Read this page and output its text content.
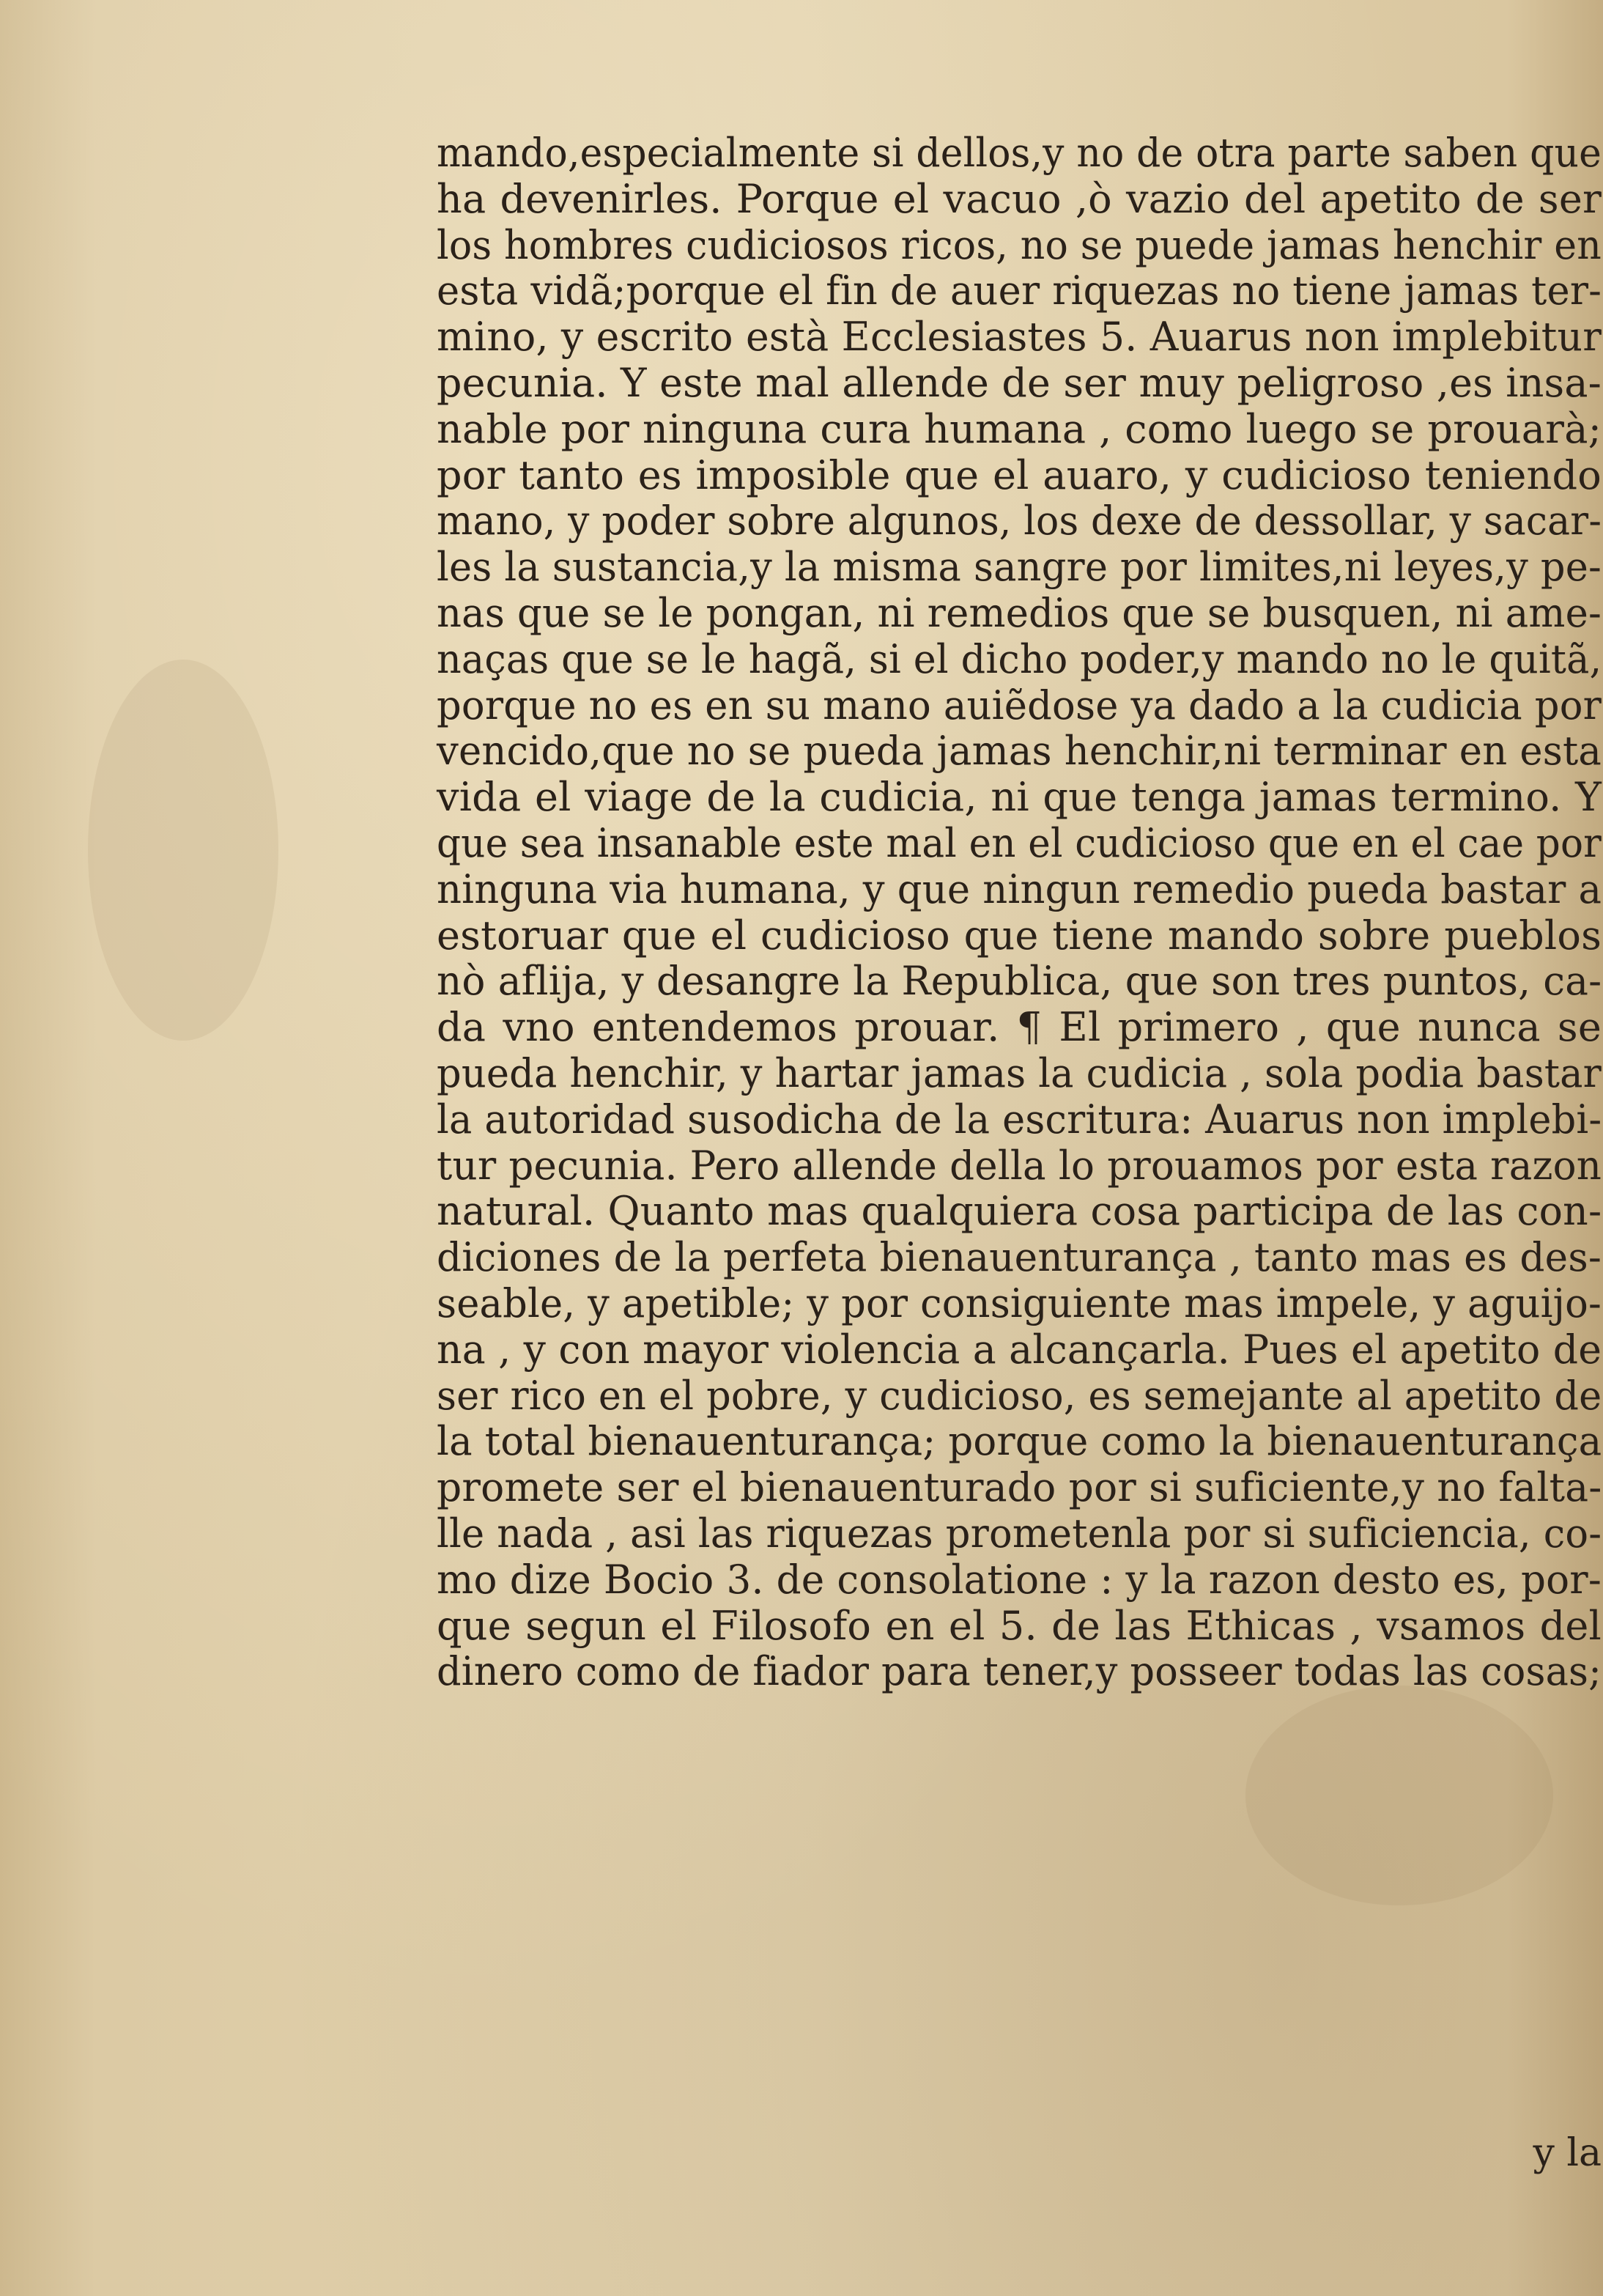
mando,especialmente si dellos,y no de otra parte saben que
ha devenirles. Porque el vacuo ,ò vazio del apetito de ser
los hombres cudiciosos ricos, no se puede jamas henchir en
esta vidã;porque el fin de auer riquezas no tiene jamas ter-
mino, y escrito està Ecclesiastes 5. Auarus non implebitur
pecunia. Y este mal allende de ser muy peligroso ,es insa-
nable por ninguna cura humana , como luego se prouarà;
por tanto es imposible que el auaro, y cudicioso teniendo
mano, y poder sobre algunos, los dexe de dessollar, y sacar-
les la sustancia,y la misma sangre por limites,ni leyes,y pe-
nas que se le pongan, ni remedios que se busquen, ni ame-
naças que se le hagã, si el dicho poder,y mando no le quitã,
porque no es en su mano auiẽdose ya dado a la cudicia por
vencido,que no se pueda jamas henchir,ni terminar en esta
vida el viage de la cudicia, ni que tenga jamas termino. Y
que sea insanable este mal en el cudicioso que en el cae por
ninguna via humana, y que ningun remedio pueda bastar a
estoruar que el cudicioso que tiene mando sobre pueblos
nò aflija, y desangre la Republica, que son tres puntos, ca-
da vno entendemos prouar. ¶ El primero , que nunca se
pueda henchir, y hartar jamas la cudicia , sola podia bastar
la autoridad susodicha de la escritura: Auarus non implebi-
tur pecunia. Pero allende della lo prouamos por esta razon
natural. Quanto mas qualquiera cosa participa de las con-
diciones de la perfeta bienauenturança , tanto mas es des-
seable, y apetible; y por consiguiente mas impele, y aguijo-
na , y con mayor violencia a alcançarla. Pues el apetito de
ser rico en el pobre, y cudicioso, es semejante al apetito de
la total bienauenturança; porque como la bienauenturança
promete ser el bienauenturado por si suficiente,y no falta-
lle nada , asi las riquezas prometenla por si suficiencia, co-
mo dize Bocio 3. de consolatione : y la razon desto es, por-
que segun el Filosofo en el 5. de las Ethicas , vsamos del
dinero como de fiador para tener,y posseer todas las cosas;
y la
